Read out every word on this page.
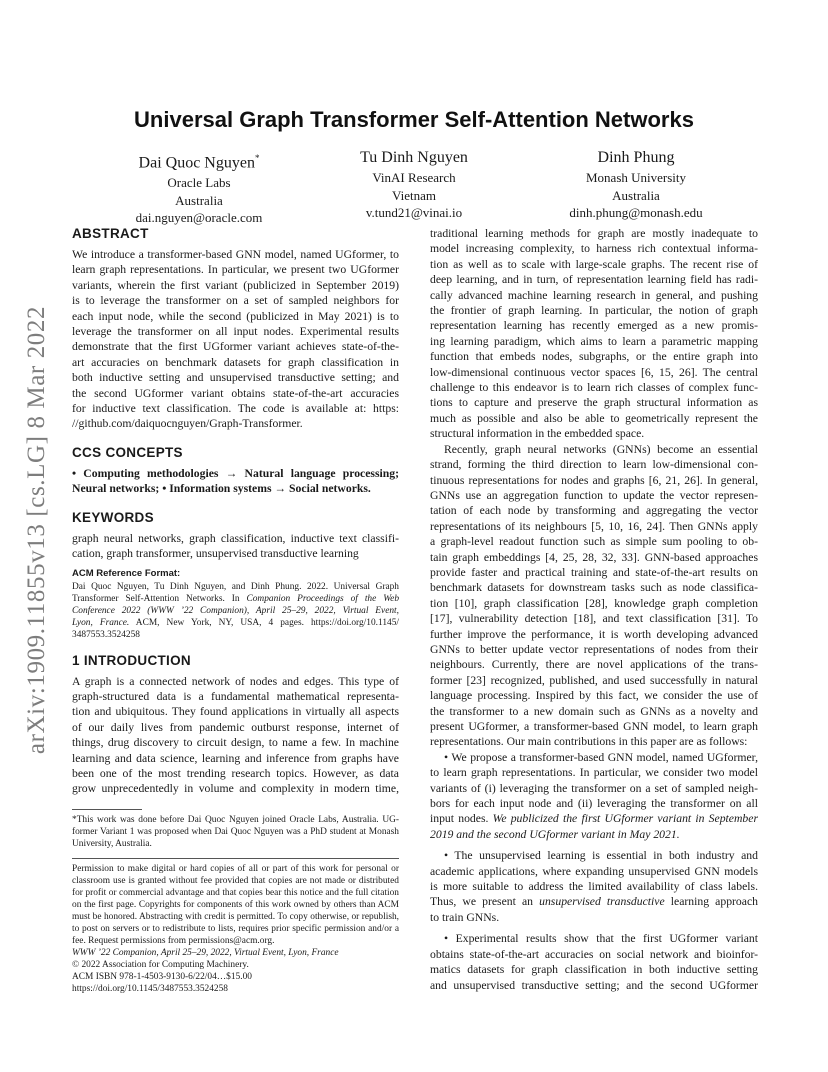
arXiv:1909.11855v13 [cs.LG] 8 Mar 2022
Universal Graph Transformer Self-Attention Networks
Dai Quoc Nguyen*
Oracle Labs
Australia
dai.nguyen@oracle.com
Tu Dinh Nguyen
VinAI Research
Vietnam
v.tund21@vinai.io
Dinh Phung
Monash University
Australia
dinh.phung@monash.edu
ABSTRACT
We introduce a transformer-based GNN model, named UGformer, to
learn graph representations. In particular, we present two UGformer
variants, wherein the first variant (publicized in September 2019)
is to leverage the transformer on a set of sampled neighbors for
each input node, while the second (publicized in May 2021) is to
leverage the transformer on all input nodes. Experimental results
demonstrate that the first UGformer variant achieves state-of-the-
art accuracies on benchmark datasets for graph classification in
both inductive setting and unsupervised transductive setting; and
the second UGformer variant obtains state-of-the-art accuracies
for inductive text classification. The code is available at: https:
//github.com/daiquocnguyen/Graph-Transformer.
CCS CONCEPTS
• Computing methodologies → Natural language processing;
Neural networks; • Information systems → Social networks.
KEYWORDS
graph neural networks, graph classification, inductive text classifi-
cation, graph transformer, unsupervised transductive learning
ACM Reference Format:
Dai Quoc Nguyen, Tu Dinh Nguyen, and Dinh Phung. 2022. Universal Graph
Transformer Self-Attention Networks. In Companion Proceedings of the Web
Conference 2022 (WWW ’22 Companion), April 25–29, 2022, Virtual Event,
Lyon, France. ACM, New York, NY, USA, 4 pages. https://doi.org/10.1145/
3487553.3524258
1 INTRODUCTION
A graph is a connected network of nodes and edges. This type of
graph-structured data is a fundamental mathematical representa-
tion and ubiquitous. They found applications in virtually all aspects
of our daily lives from pandemic outburst response, internet of
things, drug discovery to circuit design, to name a few. In machine
learning and data science, learning and inference from graphs have
been one of the most trending research topics. However, as data
grow unprecedentedly in volume and complexity in modern time,
*This work was done before Dai Quoc Nguyen joined Oracle Labs, Australia. UG-
former Variant 1 was proposed when Dai Quoc Nguyen was a PhD student at Monash
University, Australia.
Permission to make digital or hard copies of all or part of this work for personal or
classroom use is granted without fee provided that copies are not made or distributed
for profit or commercial advantage and that copies bear this notice and the full citation
on the first page. Copyrights for components of this work owned by others than ACM
must be honored. Abstracting with credit is permitted. To copy otherwise, or republish,
to post on servers or to redistribute to lists, requires prior specific permission and/or a
fee. Request permissions from permissions@acm.org.
WWW ’22 Companion, April 25–29, 2022, Virtual Event, Lyon, France
© 2022 Association for Computing Machinery.
ACM ISBN 978-1-4503-9130-6/22/04…$15.00
https://doi.org/10.1145/3487553.3524258
traditional learning methods for graph are mostly inadequate to
model increasing complexity, to harness rich contextual informa-
tion as well as to scale with large-scale graphs. The recent rise of
deep learning, and in turn, of representation learning field has radi-
cally advanced machine learning research in general, and pushing
the frontier of graph learning. In particular, the notion of graph
representation learning has recently emerged as a new promis-
ing learning paradigm, which aims to learn a parametric mapping
function that embeds nodes, subgraphs, or the entire graph into
low-dimensional continuous vector spaces [6, 15, 26]. The central
challenge to this endeavor is to learn rich classes of complex func-
tions to capture and preserve the graph structural information as
much as possible and also be able to geometrically represent the
structural information in the embedded space.
Recently, graph neural networks (GNNs) become an essential
strand, forming the third direction to learn low-dimensional con-
tinuous representations for nodes and graphs [6, 21, 26]. In general,
GNNs use an aggregation function to update the vector represen-
tation of each node by transforming and aggregating the vector
representations of its neighbours [5, 10, 16, 24]. Then GNNs apply
a graph-level readout function such as simple sum pooling to ob-
tain graph embeddings [4, 25, 28, 32, 33]. GNN-based approaches
provide faster and practical training and state-of-the-art results on
benchmark datasets for downstream tasks such as node classifica-
tion [10], graph classification [28], knowledge graph completion
[17], vulnerability detection [18], and text classification [31]. To
further improve the performance, it is worth developing advanced
GNNs to better update vector representations of nodes from their
neighbours. Currently, there are novel applications of the trans-
former [23] recognized, published, and used successfully in natural
language processing. Inspired by this fact, we consider the use of
the transformer to a new domain such as GNNs as a novelty and
present UGformer, a transformer-based GNN model, to learn graph
representations. Our main contributions in this paper are as follows:
• We propose a transformer-based GNN model, named UGformer,
to learn graph representations. In particular, we consider two model
variants of (i) leveraging the transformer on a set of sampled neigh-
bors for each input node and (ii) leveraging the transformer on all
input nodes. We publicized the first UGformer variant in September
2019 and the second UGformer variant in May 2021.
• The unsupervised learning is essential in both industry and
academic applications, where expanding unsupervised GNN models
is more suitable to address the limited availability of class labels.
Thus, we present an unsupervised transductive learning approach
to train GNNs.
• Experimental results show that the first UGformer variant
obtains state-of-the-art accuracies on social network and bioinfor-
matics datasets for graph classification in both inductive setting
and unsupervised transductive setting; and the second UGformer
